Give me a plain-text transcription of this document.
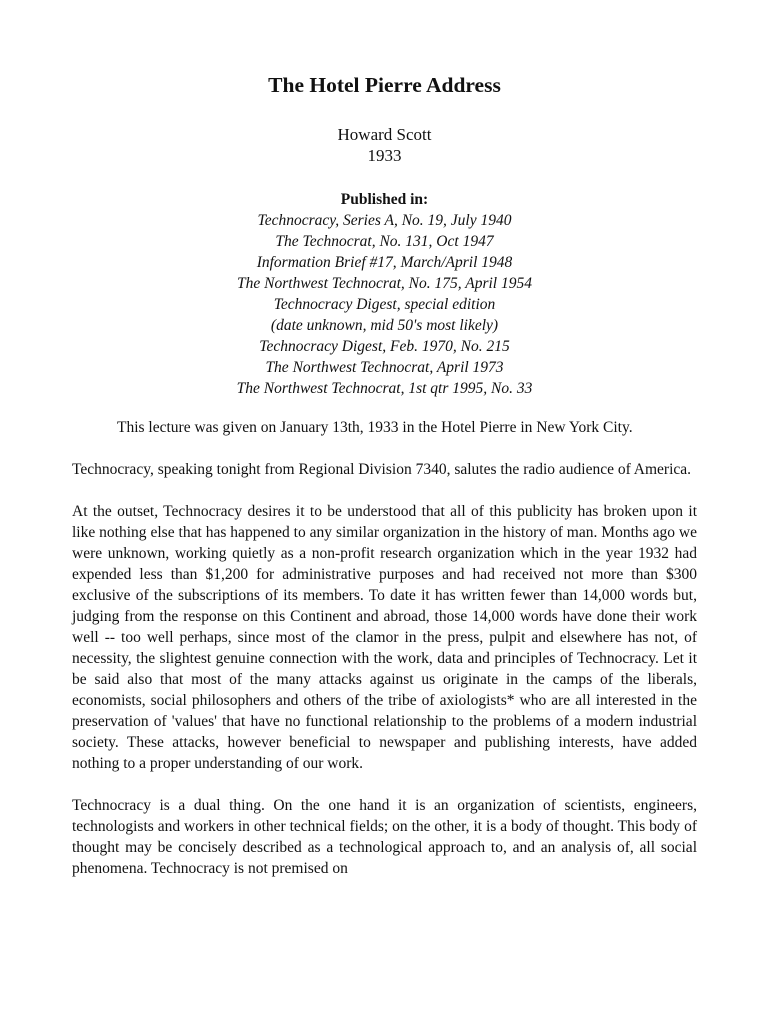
The Hotel Pierre Address

Howard Scott

1933

Published in:
Technocracy, Series A, No. 19, July 1940
The Technocrat, No. 131, Oct 1947
Information Brief #17, March/April 1948
The Northwest Technocrat, No. 175, April 1954
Technocracy Digest, special edition
(date unknown, mid 50's most likely)
Technocracy Digest, Feb. 1970, No. 215
The Northwest Technocrat, April 1973
The Northwest Technocrat, 1st qtr 1995, No. 33

This lecture was given on January 13th, 1933 in the Hotel Pierre in New York City.

Technocracy, speaking tonight from Regional Division 7340, salutes the radio audience of America.

At the outset, Technocracy desires it to be understood that all of this publicity has broken upon it like nothing else that has happened to any similar organization in the history of man. Months ago we were unknown, working quietly as a non-profit research organization which in the year 1932 had expended less than $1,200 for administrative purposes and had received not more than $300 exclusive of the subscriptions of its members. To date it has written fewer than 14,000 words but, judging from the response on this Continent and abroad, those 14,000 words have done their work well -- too well perhaps, since most of the clamor in the press, pulpit and elsewhere has not, of necessity, the slightest genuine connection with the work, data and principles of Technocracy. Let it be said also that most of the many attacks against us originate in the camps of the liberals, economists, social philosophers and others of the tribe of axiologists* who are all interested in the preservation of 'values' that have no functional relationship to the problems of a modern industrial society. These attacks, however beneficial to newspaper and publishing interests, have added nothing to a proper understanding of our work.

Technocracy is a dual thing. On the one hand it is an organization of scientists, engineers, technologists and workers in other technical fields; on the other, it is a body of thought. This body of thought may be concisely described as a technological approach to, and an analysis of, all social phenomena. Technocracy is not premised on
